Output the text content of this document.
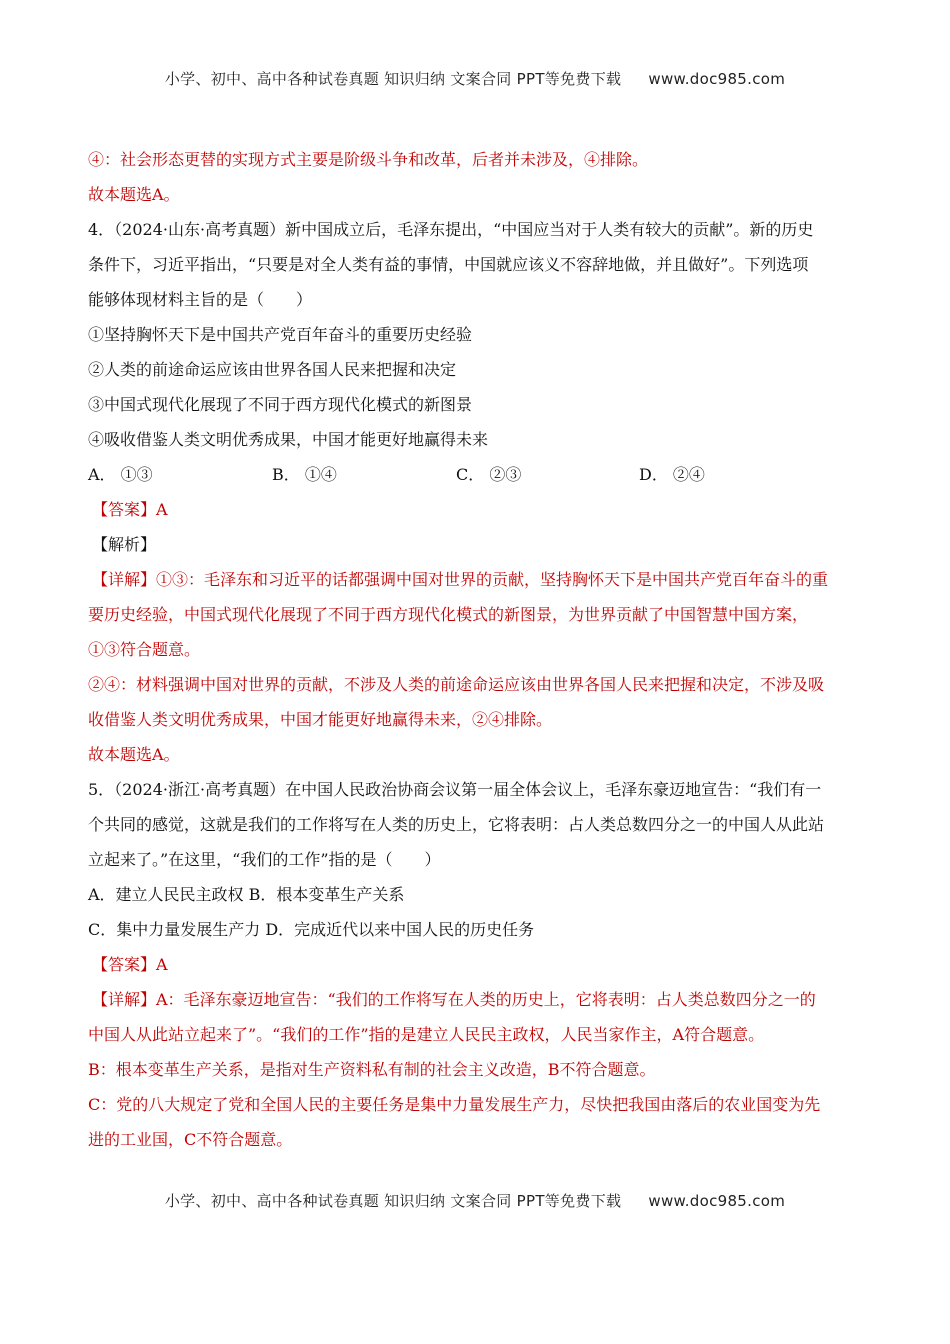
小学、初中、高中各种试卷真题 知识归纳 文案合同 PPT等免费下载 www.doc985.com
④：社会形态更替的实现方式主要是阶级斗争和改革，后者并未涉及，④排除。
故本题选A。
4．（2024·山东·高考真题）新中国成立后，毛泽东提出，“中国应当对于人类有较大的贡献”。新的历史
条件下，习近平指出，“只要是对全人类有益的事情，中国就应该义不容辞地做，并且做好”。下列选项
能够体现材料主旨的是（　　）
①坚持胸怀天下是中国共产党百年奋斗的重要历史经验
②人类的前途命运应该由世界各国人民来把握和决定
③中国式现代化展现了不同于西方现代化模式的新图景
④吸收借鉴人类文明优秀成果，中国才能更好地赢得未来
A． ①③	B． ①④	C． ②③	D． ②④
【答案】A
【解析】
【详解】①③：毛泽东和习近平的话都强调中国对世界的贡献，坚持胸怀天下是中国共产党百年奋斗的重
要历史经验，中国式现代化展现了不同于西方现代化模式的新图景，为世界贡献了中国智慧中国方案，
①③符合题意。
②④：材料强调中国对世界的贡献，不涉及人类的前途命运应该由世界各国人民来把握和决定，不涉及吸
收借鉴人类文明优秀成果，中国才能更好地赢得未来，②④排除。
故本题选A。
5．（2024·浙江·高考真题）在中国人民政治协商会议第一届全体会议上，毛泽东豪迈地宣告：“我们有一
个共同的感觉，这就是我们的工作将写在人类的历史上，它将表明：占人类总数四分之一的中国人从此站
立起来了。”在这里，“我们的工作”指的是（　　）
A．建立人民民主政权 B．根本变革生产关系
C．集中力量发展生产力 D．完成近代以来中国人民的历史任务
【答案】A
【详解】A：毛泽东豪迈地宣告：“我们的工作将写在人类的历史上，它将表明：占人类总数四分之一的
中国人从此站立起来了”。“我们的工作”指的是建立人民民主政权，人民当家作主，A符合题意。
B：根本变革生产关系，是指对生产资料私有制的社会主义改造，B不符合题意。
C：党的八大规定了党和全国人民的主要任务是集中力量发展生产力，尽快把我国由落后的农业国变为先
进的工业国，C不符合题意。
小学、初中、高中各种试卷真题 知识归纳 文案合同 PPT等免费下载 www.doc985.com
